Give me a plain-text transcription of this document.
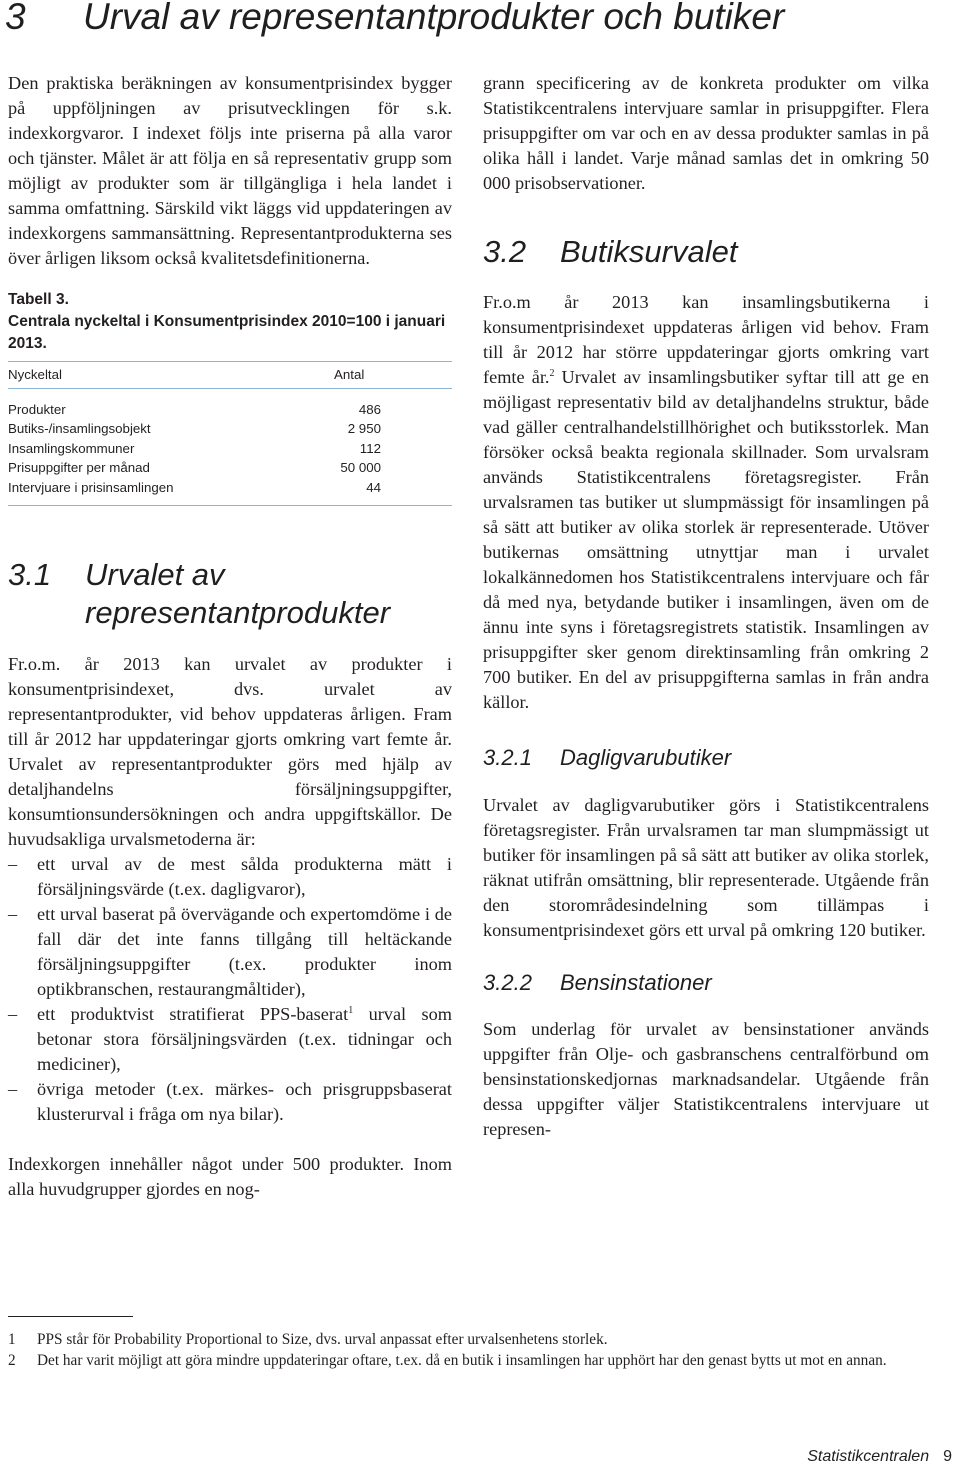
3 Urval av representantprodukter och butiker

Den praktiska beräkningen av konsumentprisindex bygger på uppföljningen av prisutvecklingen för s.k. indexkorgvaror. I indexet följs inte priserna på alla varor och tjänster. Målet är att följa en så representativ grupp som möjligt av produkter som är tillgängliga i hela landet i samma omfattning. Särskild vikt läggs vid uppdateringen av indexkorgens sammansättning. Representantprodukterna ses över årligen liksom också kvalitetsdefinitionerna.

Tabell 3.
Centrala nyckeltal i Konsumentprisindex 2010=100 i januari 2013.
Nyckeltal	Antal
Produkter	486
Butiks-/insamlingsobjekt	2 950
Insamlingskommuner	112
Prisuppgifter per månad	50 000
Intervjuare i prisinsamlingen	44
3.1 Urvalet av
representantprodukter

Fr.o.m. år 2013 kan urvalet av produkter i konsumentprisindexet, dvs. urvalet av representantprodukter, vid behov uppdateras årligen. Fram till år 2012 har uppdateringar gjorts omkring vart femte år. Urvalet av representantprodukter görs med hjälp av detaljhandelns försäljningsuppgifter, konsumtionsundersökningen och andra uppgiftskällor. De huvudsakliga urvalsmetoderna är:

–	ett urval av de mest sålda produkterna mätt i försäljningsvärde (t.ex. dagligvaror),
–	ett urval baserat på övervägande och expertomdöme i de fall där det inte fanns tillgång till heltäckande försäljningsuppgifter (t.ex. produkter inom optikbranschen, restaurangmåltider),
–	ett produktvist stratifierat PPS-baserat$^1$ urval som betonar stora försäljningsvärden (t.ex. tidningar och mediciner),
–	övriga metoder (t.ex. märkes- och prisgruppsbaserat klusterurval i fråga om nya bilar).

Indexkorgen innehåller något under 500 produkter. Inom alla huvudgrupper gjordes en nog-

grann specificering av de konkreta produkter om vilka Statistikcentralens intervjuare samlar in prisuppgifter. Flera prisuppgifter om var och en av dessa produkter samlas in på olika håll i landet. Varje månad samlas det in omkring 50 000 prisobservationer.

3.2 Butiksurvalet

Fr.o.m år 2013 kan insamlingsbutikerna i konsumentprisindexet uppdateras årligen vid behov. Fram till år 2012 har större uppdateringar gjorts omkring vart femte år.$^2$ Urvalet av insamlingsbutiker syftar till att ge en möjligast representativ bild av detaljhandelns struktur, både vad gäller centralhandelstillhörighet och butiksstorlek. Man försöker också beakta regionala skillnader. Som urvalsram används Statistikcentralens företagsregister. Från urvalsramen tas butiker ut slumpmässigt för insamlingen på så sätt att butiker av olika storlek är representerade. Utöver butikernas omsättning utnyttjar man i urvalet lokalkännedomen hos Statistikcentralens intervjuare och får då med nya, betydande butiker i insamlingen, även om de ännu inte syns i företagsregistrets statistik. Insamlingen av prisuppgifter sker genom direktinsamling från omkring 2 700 butiker. En del av prisuppgifterna samlas in från andra källor.

3.2.1 Dagligvarubutiker

Urvalet av dagligvarubutiker görs i Statistikcentralens företagsregister. Från urvalsramen tar man slumpmässigt ut butiker för insamlingen på så sätt att butiker av olika storlek, räknat utifrån omsättning, blir representerade. Utgående från den storområdesindelning som tillämpas i konsumentprisindexet görs ett urval på omkring 120 butiker.

3.2.2 Bensinstationer

Som underlag för urvalet av bensinstationer används uppgifter från Olje- och gasbranschens centralförbund om bensinstationskedjornas marknadsandelar. Utgående från dessa uppgifter väljer Statistikcentralens intervjuare ut represen-

1	PPS står för Probability Proportional to Size, dvs. urval anpassat efter urvalsenhetens storlek.
2	Det har varit möjligt att göra mindre uppdateringar oftare, t.ex. då en butik i insamlingen har upphört har den genast bytts ut mot en annan.
Statistikcentralen 9
